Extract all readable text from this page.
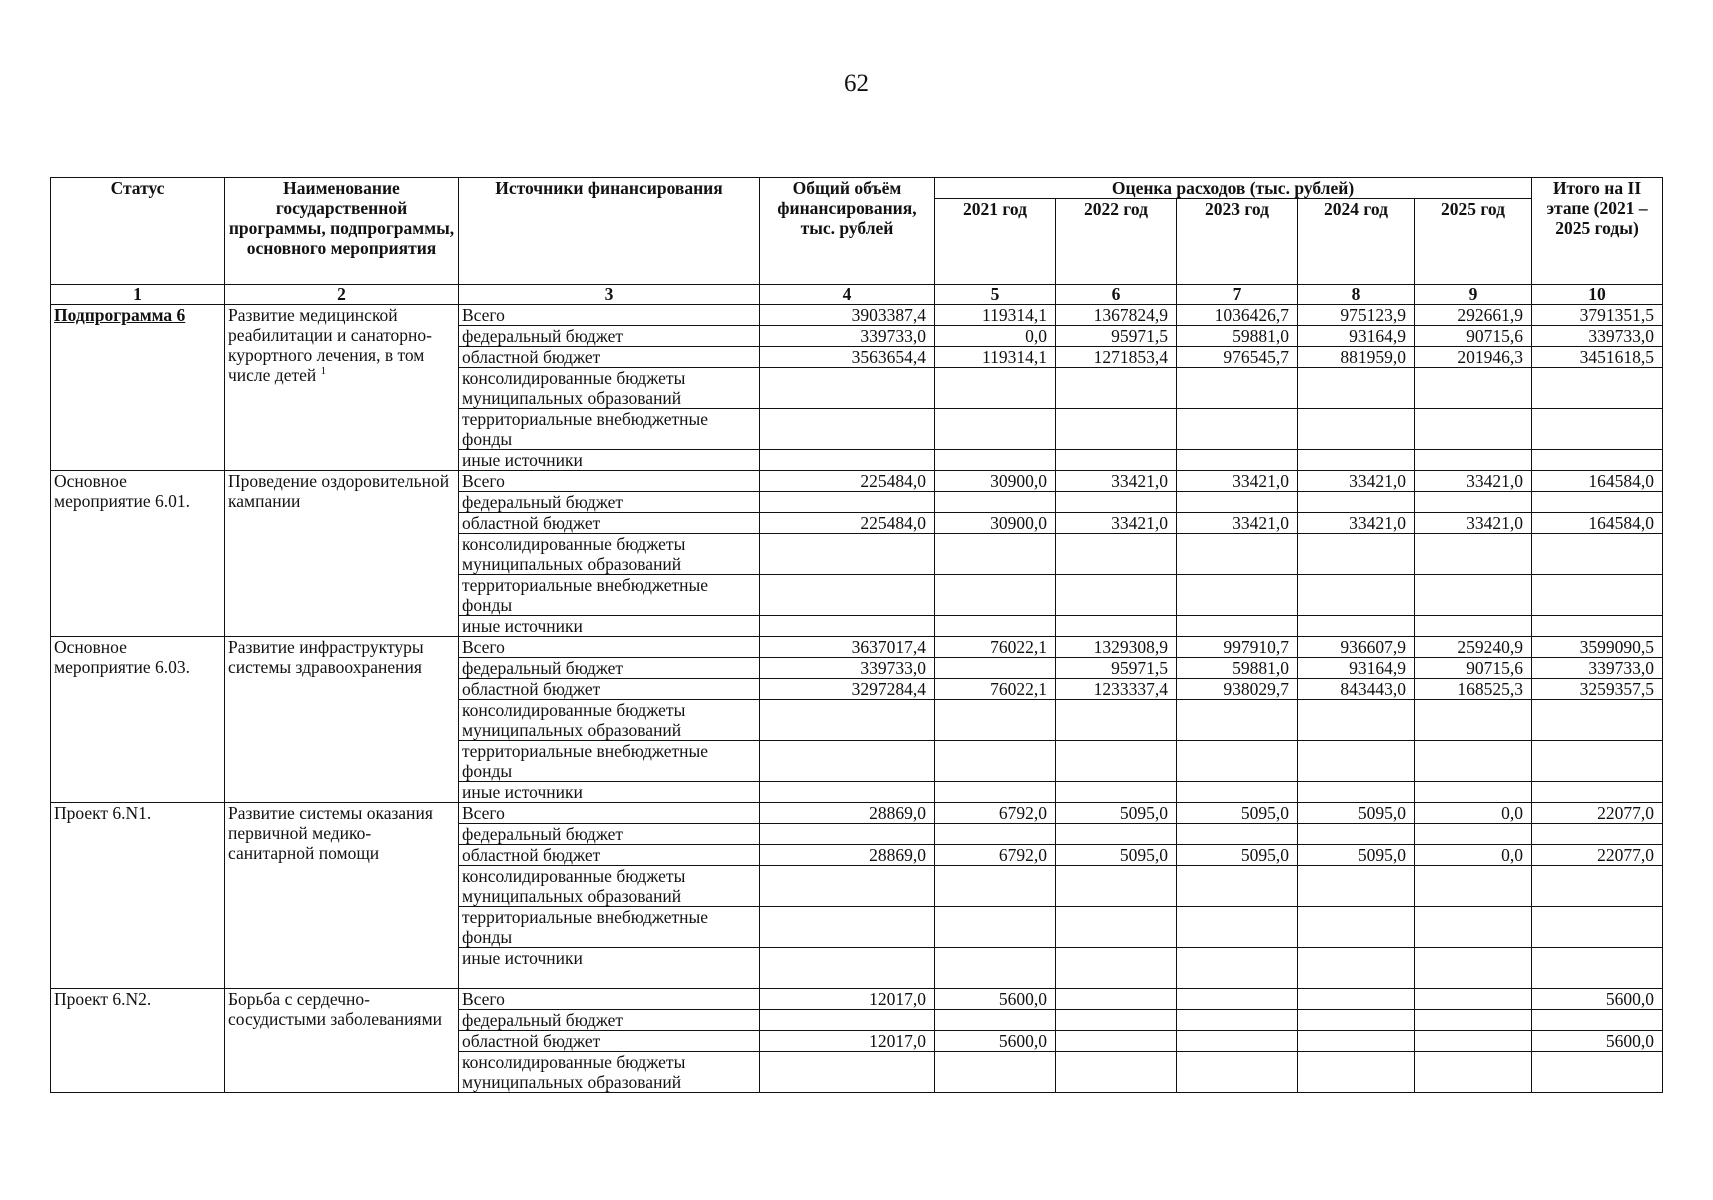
62
Статус	Наименование государственной программы, подпрограммы, основного мероприятия	Источники финансирования	Общий объём финансирования, тыс. рублей	Оценка расходов (тыс. рублей)					Итого на II этапе (2021 – 2025 годы)
				2021 год	2022 год	2023 год	2024 год	2025 год	
1	2	3	4	5	6	7	8	9	10
Подпрограмма 6	Развитие медицинской реабилитации и санаторно-курортного лечения, в том числе детей $^1$	Всего	3903387,4	119314,1	1367824,9	1036426,7	975123,9	292661,9	3791351,5
		федеральный бюджет	339733,0	0,0	95971,5	59881,0	93164,9	90715,6	339733,0
		областной бюджет	3563654,4	119314,1	1271853,4	976545,7	881959,0	201946,3	3451618,5
		консолидированные бюджеты муниципальных образований							
		территориальные внебюджетные фонды							
		иные источники							
Основное мероприятие 6.01.	Проведение оздоровительной кампании	Всего	225484,0	30900,0	33421,0	33421,0	33421,0	33421,0	164584,0
		федеральный бюджет							
		областной бюджет	225484,0	30900,0	33421,0	33421,0	33421,0	33421,0	164584,0
		консолидированные бюджеты муниципальных образований							
		территориальные внебюджетные фонды							
		иные источники							
Основное мероприятие 6.03.	Развитие инфраструктуры системы здравоохранения	Всего	3637017,4	76022,1	1329308,9	997910,7	936607,9	259240,9	3599090,5
		федеральный бюджет	339733,0		95971,5	59881,0	93164,9	90715,6	339733,0
		областной бюджет	3297284,4	76022,1	1233337,4	938029,7	843443,0	168525,3	3259357,5
		консолидированные бюджеты муниципальных образований							
		территориальные внебюджетные фонды							
		иные источники							
Проект 6.N1.	Развитие системы оказания первичной медико-санитарной помощи	Всего	28869,0	6792,0	5095,0	5095,0	5095,0	0,0	22077,0
		федеральный бюджет							
		областной бюджет	28869,0	6792,0	5095,0	5095,0	5095,0	0,0	22077,0
		консолидированные бюджеты муниципальных образований							
		территориальные внебюджетные фонды							
		иные источники							
Проект 6.N2.	Борьба с сердечно-сосудистыми заболеваниями	Всего	12017,0	5600,0					5600,0
		федеральный бюджет							
		областной бюджет	12017,0	5600,0					5600,0
		консолидированные бюджеты муниципальных образований							
